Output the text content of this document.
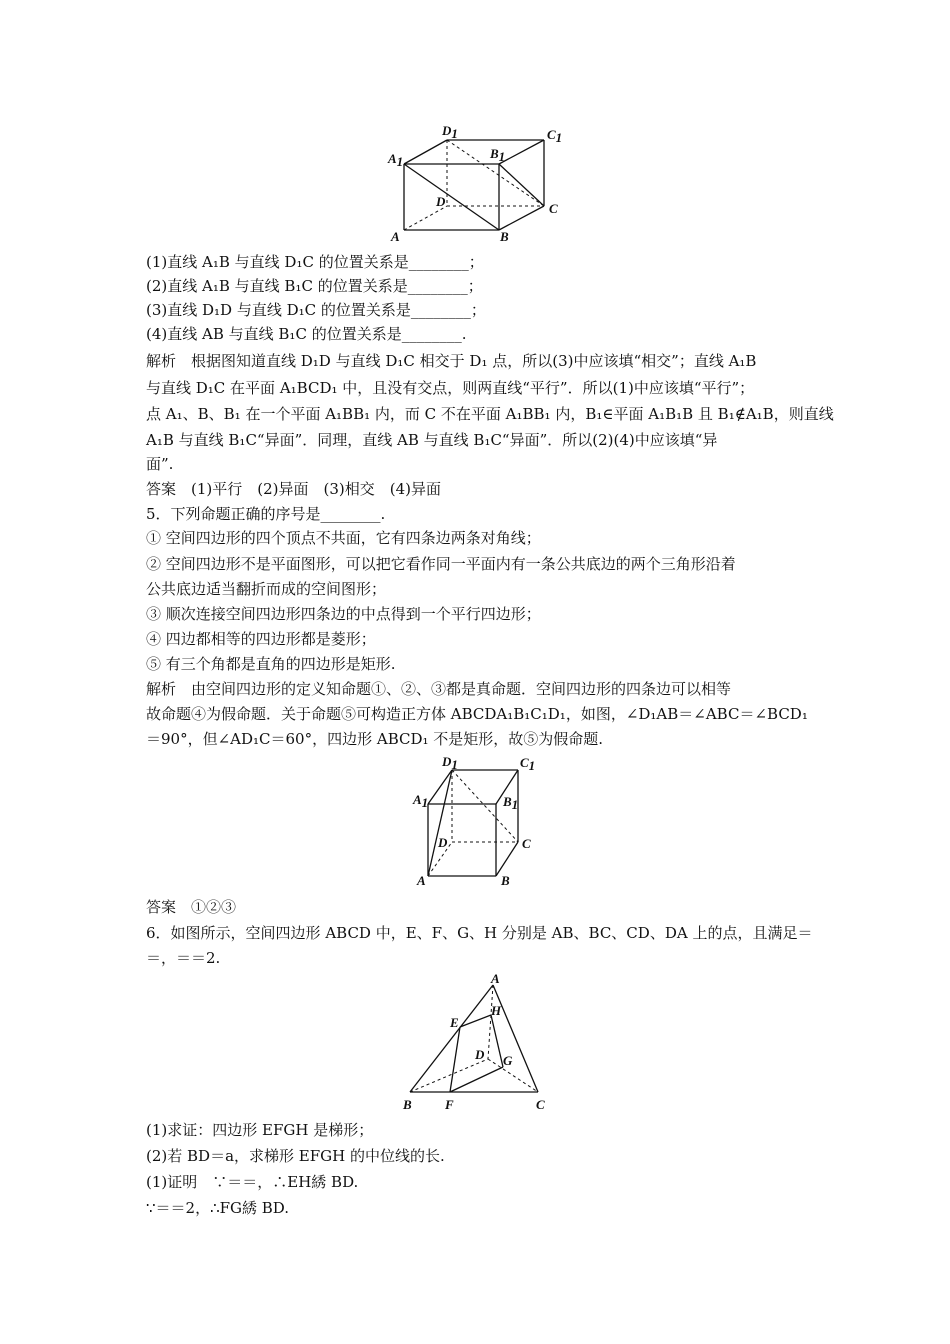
D1	C1
A1
B1
D	C
A	B
(1)直线 A₁B 与直线 D₁C 的位置关系是________；
(2)直线 A₁B 与直线 B₁C 的位置关系是________；
(3)直线 D₁D 与直线 D₁C 的位置关系是________；
(4)直线 AB 与直线 B₁C 的位置关系是________.
解析　根据图知道直线 D₁D 与直线 D₁C 相交于 D₁ 点，所以(3)中应该填“相交”；直线 A₁B
与直线 D₁C 在平面 A₁BCD₁ 中，且没有交点，则两直线“平行”．所以(1)中应该填“平行”；
点 A₁、B、B₁ 在一个平面 A₁BB₁ 内，而 C 不在平面 A₁BB₁ 内，B₁∈平面 A₁B₁B 且 B₁∉A₁B，则直线
A₁B 与直线 B₁C“异面”．同理，直线 AB 与直线 B₁C“异面”．所以(2)(4)中应该填“异
面”.
答案　(1)平行　(2)异面　(3)相交　(4)异面
5．下列命题正确的序号是________.
① 空间四边形的四个顶点不共面，它有四条边两条对角线；
② 空间四边形不是平面图形，可以把它看作同一平面内有一条公共底边的两个三角形沿着
公共底边适当翻折而成的空间图形；
③ 顺次连接空间四边形四条边的中点得到一个平行四边形；
④ 四边都相等的四边形都是菱形；
⑤ 有三个角都是直角的四边形是矩形.
解析　由空间四边形的定义知命题①、②、③都是真命题．空间四边形的四条边可以相等
故命题④为假命题．关于命题⑤可构造正方体 ABCDA₁B₁C₁D₁，如图，∠D₁AB＝∠ABC＝∠BCD₁
＝90°，但∠AD₁C＝60°，四边形 ABCD₁ 不是矩形，故⑤为假命题.
D1	C1
A1	B1
D	C
A	B
答案　①②③
6．如图所示，空间四边形 ABCD 中，E、F、G、H 分别是 AB、BC、CD、DA 上的点，且满足＝
＝，＝＝2.
A
H
E
D G
B	F	C
(1)求证：四边形 EFGH 是梯形；
(2)若 BD＝a，求梯形 EFGH 的中位线的长.
(1)证明　∵＝＝，∴EH綉 BD.
∵＝＝2，∴FG綉 BD.
